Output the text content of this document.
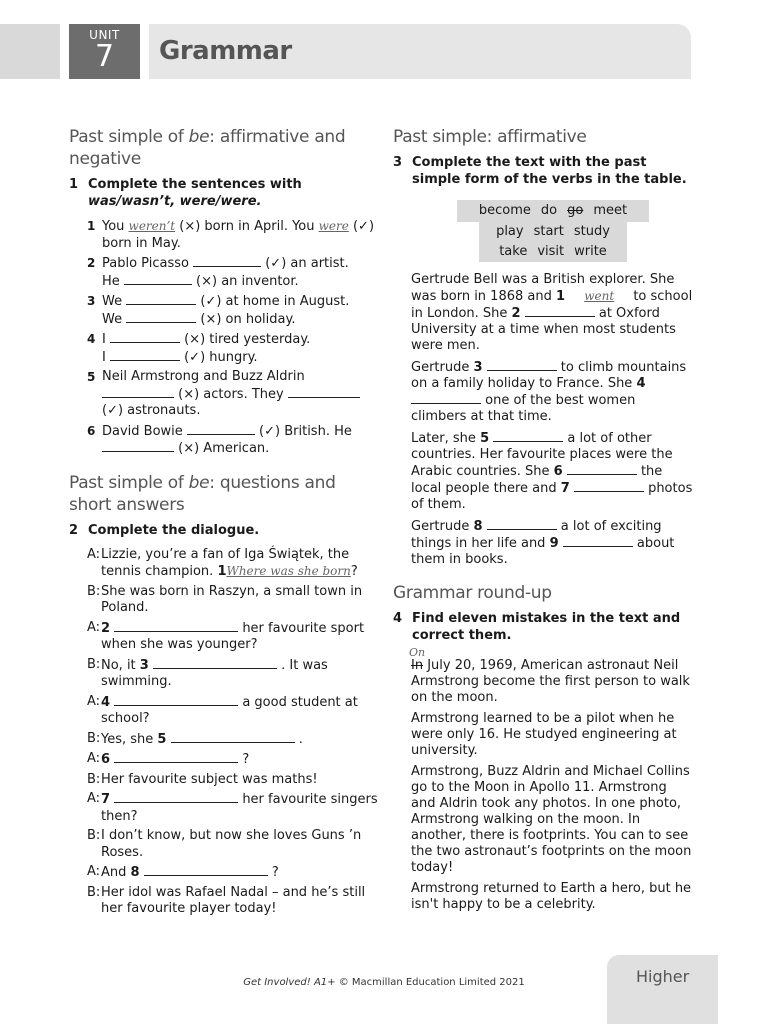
UNIT
7	Grammar
Past simple of be: affirmative and negative
1 Complete the sentences with was/wasn’t, were/were.
1 You weren’t (×) born in April. You were (✓) born in May.
2 Pablo Picasso	(✓) an artist.
He	(×) an inventor.
3 We	(✓) at home in August.
We	(×) on holiday.
4 I	(×) tired yesterday.
I	(✓) hungry.
5 Neil Armstrong and Buzz Aldrin
(×) actors. They
(✓) astronauts.
6 David Bowie	(✓) British. He
(×) American.
Past simple of be: questions and short answers
2 Complete the dialogue.
A: Lizzie, you’re a fan of Iga Świątek, the tennis champion. 1Where was she born?
B: She was born in Raszyn, a small town in Poland.
A: 2	her favourite sport when she was younger?
B: No, it 3	. It was swimming.
A: 4	a good student at school?
B: Yes, she 5	.
A: 6	?
B: Her favourite subject was maths!
A: 7	her favourite singers then?
B: I don’t know, but now she loves Guns ’n Roses.
A: And 8	?
B: Her idol was Rafael Nadal – and he’s still her favourite player today!
Past simple: affirmative
3 Complete the text with the past simple form of the verbs in the table.
become do go meet
play start study
take visit write
Gertrude Bell was a British explorer. She was born in 1868 and 1 went to school in London. She 2	at Oxford University at a time when most students were men.
Gertrude 3	to climb mountains on a family holiday to France. She 4  one of the best women climbers at that time.
Later, she 5	a lot of other countries. Her favourite places were the Arabic countries. She 6	the local people there and 7	photos of them.
Gertrude 8	a lot of exciting things in her life and 9	about them in books.
Grammar round-up
4 Find eleven mistakes in the text and correct them.
On
In July 20, 1969, American astronaut Neil Armstrong become the first person to walk on the moon.
Armstrong learned to be a pilot when he were only 16. He studyed engineering at university.
Armstrong, Buzz Aldrin and Michael Collins go to the Moon in Apollo 11. Armstrong and Aldrin took any photos. In one photo, Armstrong walking on the moon. In another, there is footprints. You can to see the two astronaut’s footprints on the moon today!
Armstrong returned to Earth a hero, but he isn't happy to be a celebrity.
Get Involved! A1+ © Macmillan Education Limited 2021	Higher
